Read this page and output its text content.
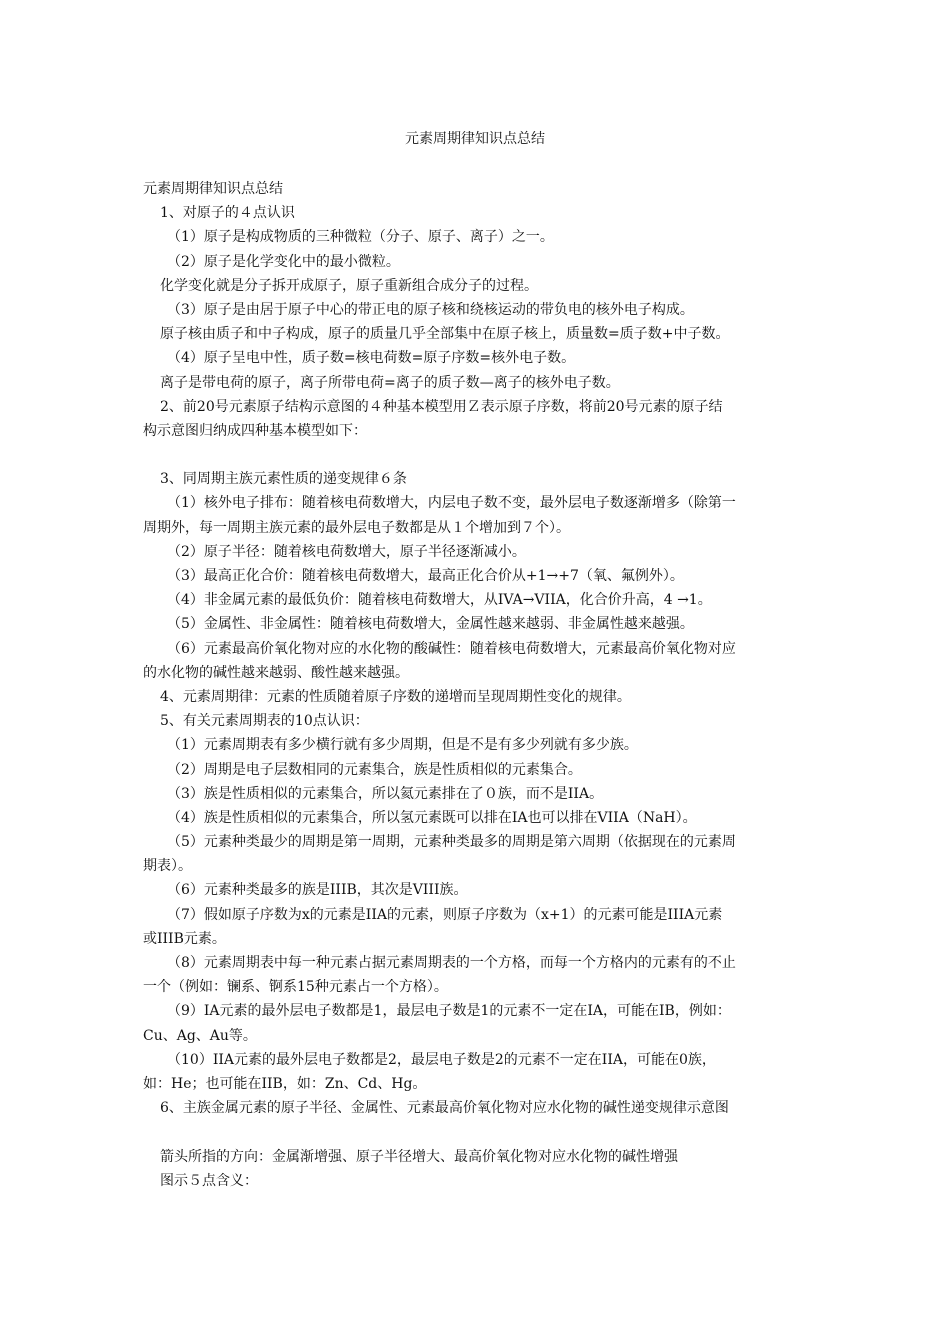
元素周期律知识点总结
元素周期律知识点总结
1、对原子的４点认识
（1）原子是构成物质的三种微粒（分子、原子、离子）之一。
（2）原子是化学变化中的最小微粒。
化学变化就是分子拆开成原子，原子重新组合成分子的过程。
（3）原子是由居于原子中心的带正电的原子核和绕核运动的带负电的核外电子构成。
原子核由质子和中子构成，原子的质量几乎全部集中在原子核上，质量数=质子数+中子数。
（4）原子呈电中性，质子数=核电荷数=原子序数=核外电子数。
离子是带电荷的原子，离子所带电荷=离子的质子数—离子的核外电子数。
2、前20号元素原子结构示意图的４种基本模型用Ｚ表示原子序数，将前20号元素的原子结
构示意图归纳成四种基本模型如下：
3、同周期主族元素性质的递变规律６条
（1）核外电子排布：随着核电荷数增大，内层电子数不变，最外层电子数逐渐增多（除第一
周期外，每一周期主族元素的最外层电子数都是从１个增加到７个）。
（2）原子半径：随着核电荷数增大，原子半径逐渐减小。
（3）最高正化合价：随着核电荷数增大，最高正化合价从+1→+7（氧、氟例外）。
（4）非金属元素的最低负价：随着核电荷数增大，从IVA→VIIA，化合价升高，4 →1。
（5）金属性、非金属性：随着核电荷数增大，金属性越来越弱、非金属性越来越强。
（6）元素最高价氧化物对应的水化物的酸碱性：随着核电荷数增大，元素最高价氧化物对应
的水化物的碱性越来越弱、酸性越来越强。
4、元素周期律：元素的性质随着原子序数的递增而呈现周期性变化的规律。
5、有关元素周期表的10点认识：
（1）元素周期表有多少横行就有多少周期，但是不是有多少列就有多少族。
（2）周期是电子层数相同的元素集合，族是性质相似的元素集合。
（3）族是性质相似的元素集合，所以氦元素排在了０族，而不是IIA。
（4）族是性质相似的元素集合，所以氢元素既可以排在IA也可以排在VIIA（NaH）。
（5）元素种类最少的周期是第一周期，元素种类最多的周期是第六周期（依据现在的元素周
期表）。
（6）元素种类最多的族是IIIB，其次是VIII族。
（7）假如原子序数为x的元素是IIA的元素，则原子序数为（x+1）的元素可能是IIIA元素
或IIIB元素。
（8）元素周期表中每一种元素占据元素周期表的一个方格，而每一个方格内的元素有的不止
一个（例如：镧系、锕系15种元素占一个方格）。
（9）IA元素的最外层电子数都是1，最层电子数是1的元素不一定在IA，可能在IB，例如：
Cu、Ag、Au等。
（10）IIA元素的最外层电子数都是2，最层电子数是2的元素不一定在IIA，可能在0族，
如：He；也可能在IIB，如：Zn、Cd、Hg。
6、主族金属元素的原子半径、金属性、元素最高价氧化物对应水化物的碱性递变规律示意图
箭头所指的方向：金属渐增强、原子半径增大、最高价氧化物对应水化物的碱性增强
图示５点含义：
